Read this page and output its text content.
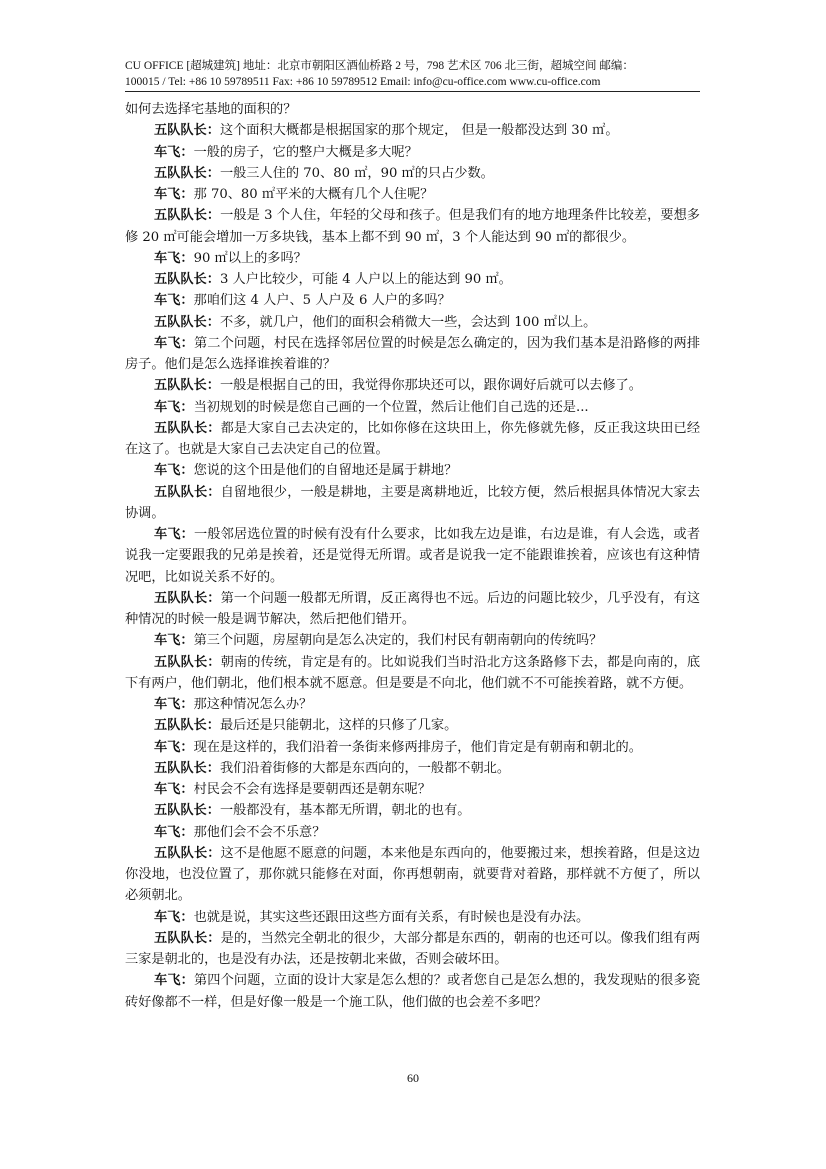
CU OFFICE [超城建筑] 地址：北京市朝阳区酒仙桥路 2 号，798 艺术区 706 北三街，超城空间 邮编：
100015 / Tel: +86 10 59789511 Fax: +86 10 59789512 Email: info@cu-office.com www.cu-office.com

如何去选择宅基地的面积的？

五队队长：这个面积大概都是根据国家的那个规定， 但是一般都没达到 30 ㎡。

车飞：一般的房子，它的整户大概是多大呢？

五队队长：一般三人住的 70、80 ㎡，90 ㎡的只占少数。

车飞：那 70、80 ㎡平米的大概有几个人住呢？

五队队长：一般是 3 个人住，年轻的父母和孩子。但是我们有的地方地理条件比较差，要想多修 20 ㎡可能会增加一万多块钱，基本上都不到 90 ㎡，3 个人能达到 90 ㎡的都很少。

车飞：90 ㎡以上的多吗？

五队队长：3 人户比较少，可能 4 人户以上的能达到 90 ㎡。

车飞：那咱们这 4 人户、5 人户及 6 人户的多吗？

五队队长：不多，就几户，他们的面积会稍微大一些，会达到 100 ㎡以上。

车飞：第二个问题，村民在选择邻居位置的时候是怎么确定的，因为我们基本是沿路修的两排房子。他们是怎么选择谁挨着谁的？

五队队长：一般是根据自己的田，我觉得你那块还可以，跟你调好后就可以去修了。

车飞：当初规划的时候是您自己画的一个位置，然后让他们自己选的还是...

五队队长：都是大家自己去决定的，比如你修在这块田上，你先修就先修，反正我这块田已经在这了。也就是大家自己去决定自己的位置。

车飞：您说的这个田是他们的自留地还是属于耕地？

五队队长：自留地很少，一般是耕地，主要是离耕地近，比较方便，然后根据具体情况大家去协调。

车飞：一般邻居选位置的时候有没有什么要求，比如我左边是谁，右边是谁，有人会选，或者说我一定要跟我的兄弟是挨着，还是觉得无所谓。或者是说我一定不能跟谁挨着，应该也有这种情况吧，比如说关系不好的。

五队队长：第一个问题一般都无所谓，反正离得也不远。后边的问题比较少，几乎没有，有这种情况的时候一般是调节解决，然后把他们错开。

车飞：第三个问题，房屋朝向是怎么决定的，我们村民有朝南朝向的传统吗？

五队队长：朝南的传统，肯定是有的。比如说我们当时沿北方这条路修下去，都是向南的，底下有两户，他们朝北，他们根本就不愿意。但是要是不向北，他们就不不可能挨着路，就不方便。

车飞：那这种情况怎么办？

五队队长：最后还是只能朝北，这样的只修了几家。

车飞：现在是这样的，我们沿着一条街来修两排房子，他们肯定是有朝南和朝北的。

五队队长：我们沿着街修的大都是东西向的，一般都不朝北。

车飞：村民会不会有选择是要朝西还是朝东呢？

五队队长：一般都没有，基本都无所谓，朝北的也有。

车飞：那他们会不会不乐意？

五队队长：这不是他愿不愿意的问题，本来他是东西向的，他要搬过来，想挨着路，但是这边你没地，也没位置了，那你就只能修在对面，你再想朝南，就要背对着路，那样就不方便了，所以必须朝北。

车飞：也就是说，其实这些还跟田这些方面有关系，有时候也是没有办法。

五队队长：是的，当然完全朝北的很少，大部分都是东西的，朝南的也还可以。像我们组有两三家是朝北的，也是没有办法，还是按朝北来做，否则会破坏田。

车飞：第四个问题，立面的设计大家是怎么想的？或者您自己是怎么想的，我发现贴的很多瓷砖好像都不一样，但是好像一般是一个施工队，他们做的也会差不多吧？

60
